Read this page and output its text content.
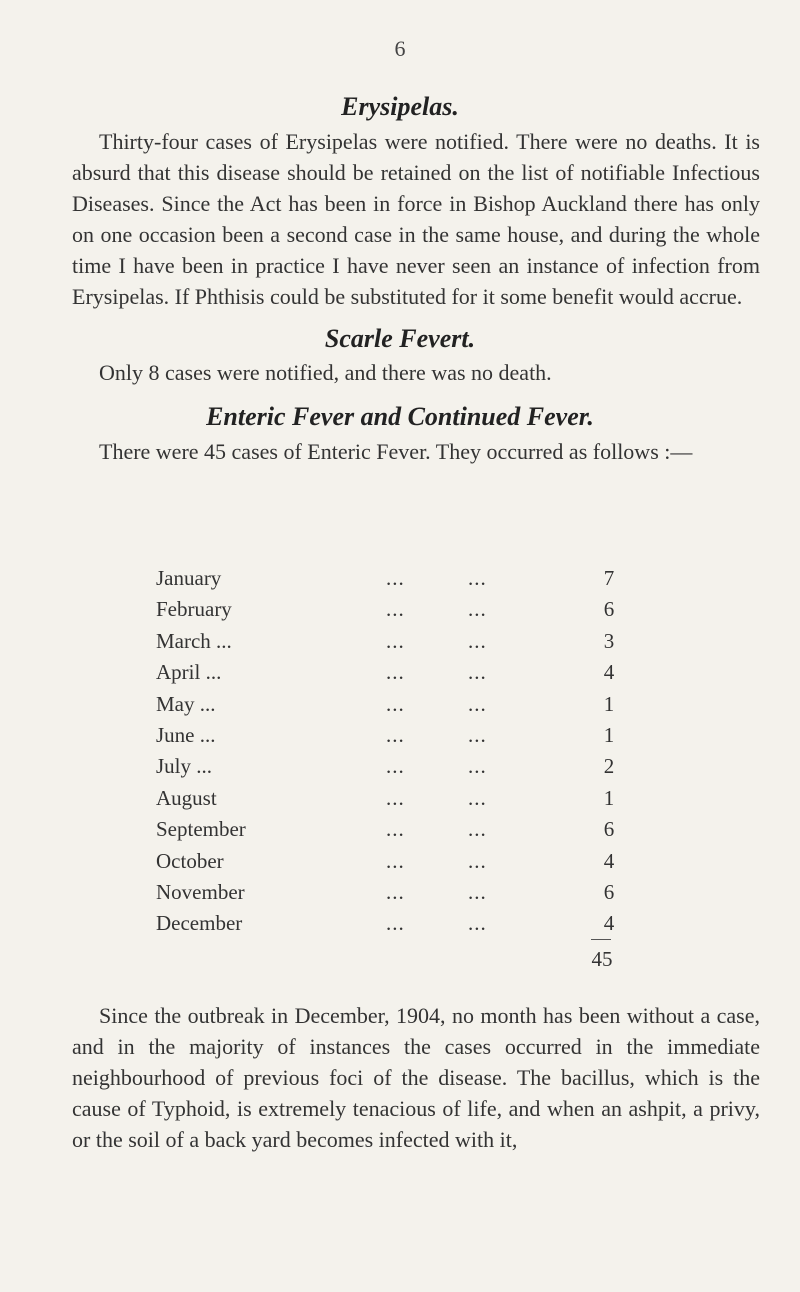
6
Erysipelas.
Thirty-four cases of Erysipelas were notified. There were no deaths. It is absurd that this disease should be retained on the list of notifiable Infectious Diseases. Since the Act has been in force in Bishop Auckland there has only on one occasion been a second case in the same house, and during the whole time I have been in practice I have never seen an instance of infection from Erysipelas. If Phthisis could be substituted for it some benefit would accrue.
Scarle Fevert.
Only 8 cases were notified, and there was no death.
Enteric Fever and Continued Fever.
There were 45 cases of Enteric Fever. They occurred as follows :—
January	...	...	7
February	...	...	6
March ...	...	...	3
April ...	...	...	4
May ...	...	...	1
June ...	...	...	1
July ...	...	...	2
August	...	...	1
September	...	...	6
October	...	...	4
November	...	...	6
December	...	...	4
45
Since the outbreak in December, 1904, no month has been without a case, and in the majority of instances the cases occurred in the immediate neighbourhood of previous foci of the disease. The bacillus, which is the cause of Typhoid, is extremely tenacious of life, and when an ashpit, a privy, or the soil of a back yard becomes infected with it,
